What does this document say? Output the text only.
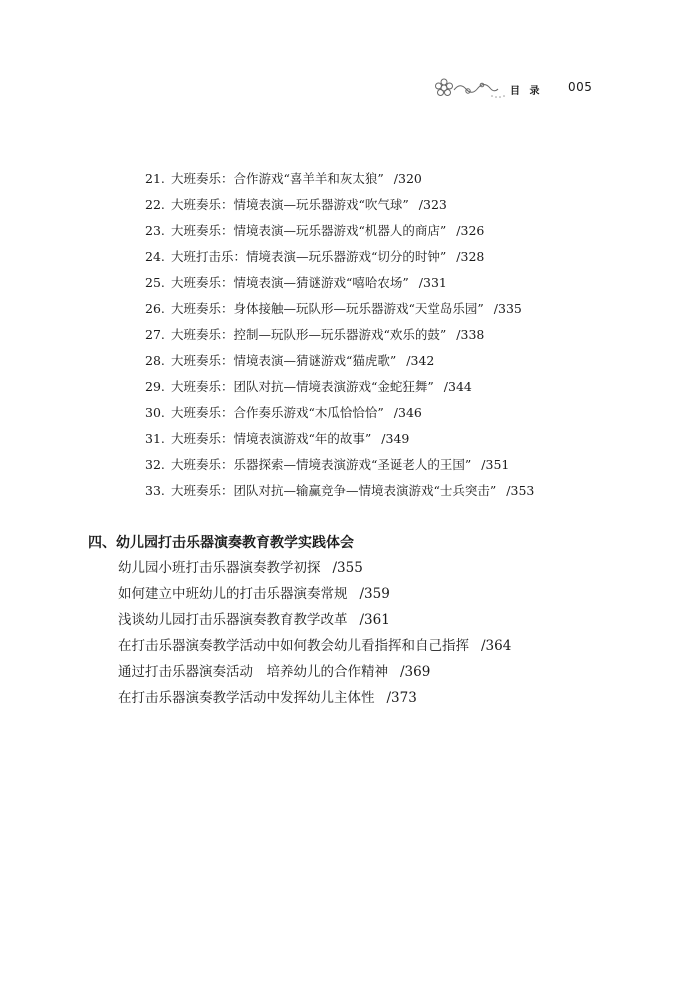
目 录 005
21. 大班奏乐：合作游戏“喜羊羊和灰太狼” /320
22. 大班奏乐：情境表演—玩乐器游戏“吹气球” /323
23. 大班奏乐：情境表演—玩乐器游戏“机器人的商店” /326
24. 大班打击乐：情境表演—玩乐器游戏“切分的时钟” /328
25. 大班奏乐：情境表演—猜谜游戏“嘻哈农场” /331
26. 大班奏乐：身体接触—玩队形—玩乐器游戏“天堂岛乐园” /335
27. 大班奏乐：控制—玩队形—玩乐器游戏“欢乐的鼓” /338
28. 大班奏乐：情境表演—猜谜游戏“猫虎歌” /342
29. 大班奏乐：团队对抗—情境表演游戏“金蛇狂舞” /344
30. 大班奏乐：合作奏乐游戏“木瓜恰恰恰” /346
31. 大班奏乐：情境表演游戏“年的故事” /349
32. 大班奏乐：乐器探索—情境表演游戏“圣诞老人的王国” /351
33. 大班奏乐：团队对抗—输赢竞争—情境表演游戏“士兵突击” /353
四、幼儿园打击乐器演奏教育教学实践体会
幼儿园小班打击乐器演奏教学初探 /355
如何建立中班幼儿的打击乐器演奏常规 /359
浅谈幼儿园打击乐器演奏教育教学改革 /361
在打击乐器演奏教学活动中如何教会幼儿看指挥和自己指挥 /364
通过打击乐器演奏活动　培养幼儿的合作精神 /369
在打击乐器演奏教学活动中发挥幼儿主体性 /373
